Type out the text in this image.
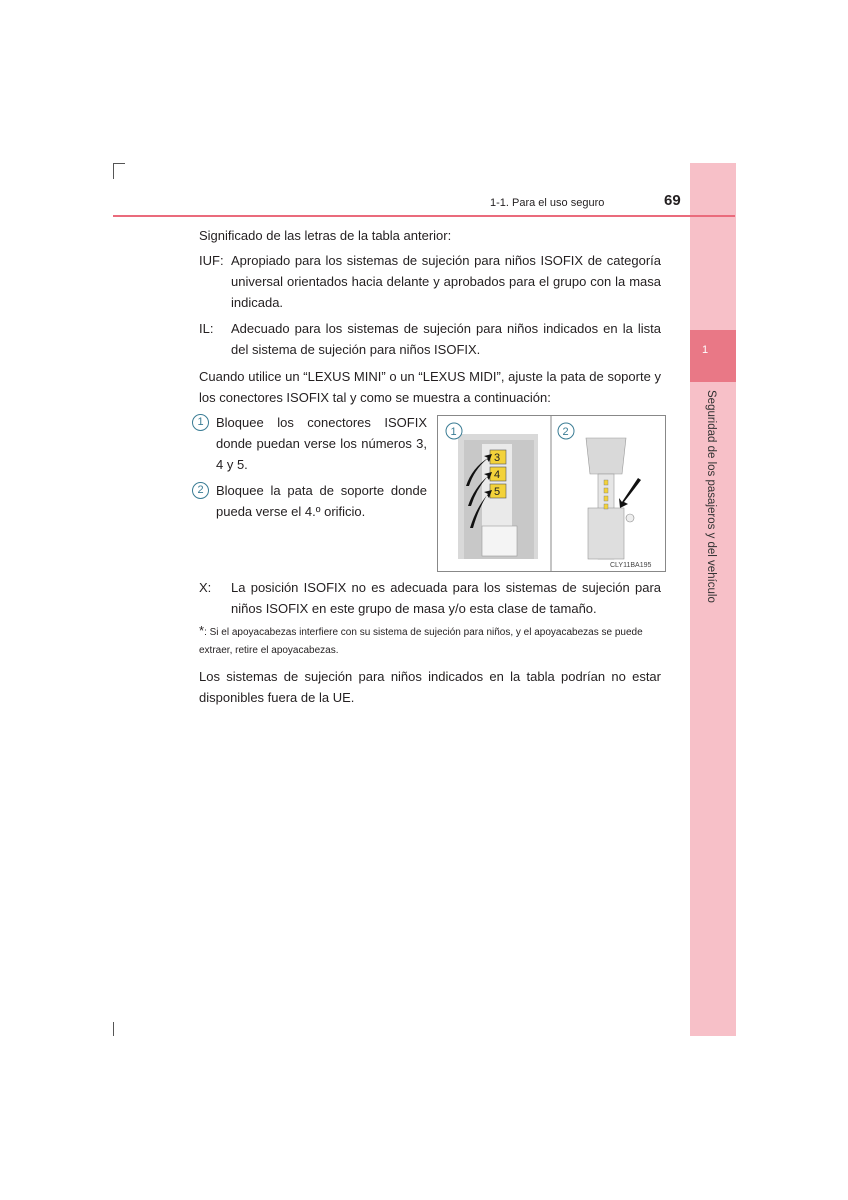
1
Seguridad de los pasajeros y del vehículo
1-1. Para el uso seguro	69

Significado de las letras de la tabla anterior:

IUF: Apropiado para los sistemas de sujeción para niños ISOFIX de categoría universal orientados hacia delante y aprobados para el grupo con la masa indicada.
IL:	Adecuado para los sistemas de sujeción para niños indicados en la lista del sistema de sujeción para niños ISOFIX.

Cuando utilice un “LEXUS MINI” o un “LEXUS MIDI”, ajuste la pata de soporte y los conectores ISOFIX tal y como se muestra a continuación:

1 Bloquee los conectores ISOFIX donde puedan verse los números 3, 4 y 5.
2 Bloquee la pata de soporte donde pueda verse el 4.º orificio.
3
4
5
1	2
CLY11BA195
X:	La posición ISOFIX no es adecuada para los sistemas de sujeción para niños ISOFIX en este grupo de masa y/o esta clase de tamaño.
*: Si el apoyacabezas interfiere con su sistema de sujeción para niños, y el apoyacabezas se puede extraer, retire el apoyacabezas.

Los sistemas de sujeción para niños indicados en la tabla podrían no estar disponibles fuera de la UE.
